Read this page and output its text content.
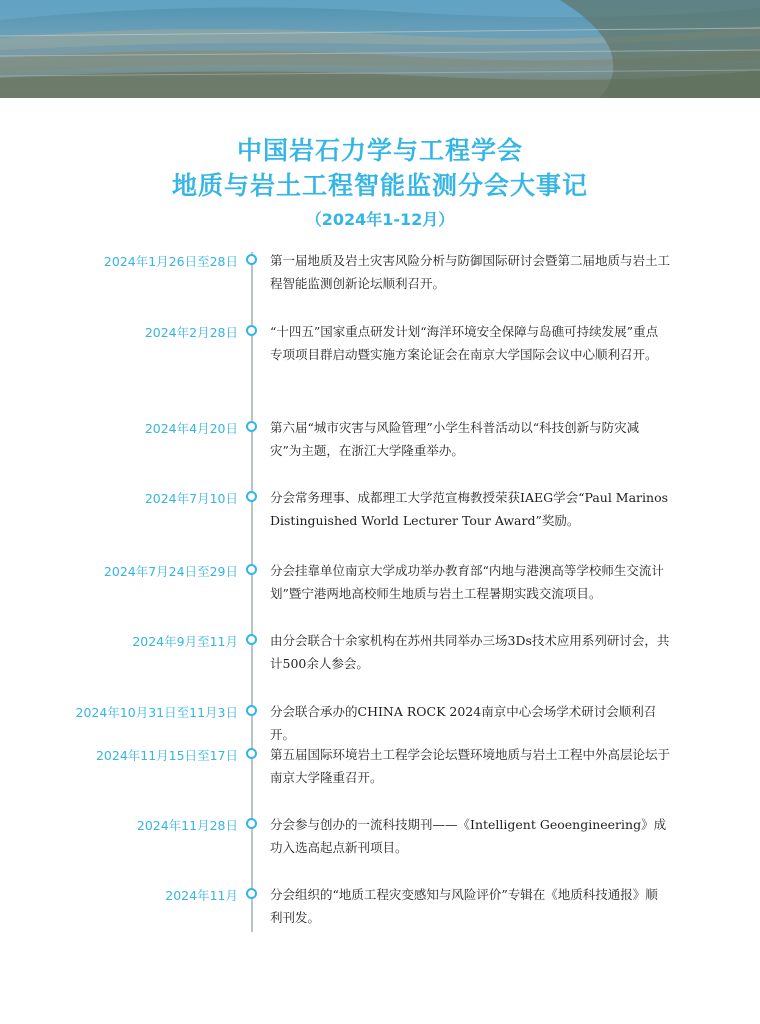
中国岩石力学与工程学会
地质与岩土工程智能监测分会大事记
（2024年1-12月）
2024年1月26日至28日	第一届地质及岩土灾害风险分析与防御国际研讨会暨第二届地质与岩土工程智能监测创新论坛顺利召开。
2024年2月28日	“十四五”国家重点研发计划“海洋环境安全保障与岛礁可持续发展”重点专项项目群启动暨实施方案论证会在南京大学国际会议中心顺利召开。
2024年4月20日	第六届“城市灾害与风险管理”小学生科普活动以“科技创新与防灾减灾”为主题，在浙江大学隆重举办。
2024年7月10日	分会常务理事、成都理工大学范宣梅教授荣获IAEG学会“Paul Marinos Distinguished World Lecturer Tour Award”奖励。
2024年7月24日至29日	分会挂靠单位南京大学成功举办教育部“内地与港澳高等学校师生交流计划”暨宁港两地高校师生地质与岩土工程暑期实践交流项目。
2024年9月至11月	由分会联合十余家机构在苏州共同举办三场3Ds技术应用系列研讨会，共计500余人参会。
2024年10月31日至11月3日	分会联合承办的CHINA ROCK 2024南京中心会场学术研讨会顺利召开。
2024年11月15日至17日	第五届国际环境岩土工程学会论坛暨环境地质与岩土工程中外高层论坛于南京大学隆重召开。
2024年11月28日	分会参与创办的一流科技期刊——《Intelligent Geoengineering》成功入选高起点新刊项目。
2024年11月	分会组织的“地质工程灾变感知与风险评价”专辑在《地质科技通报》顺利刊发。
